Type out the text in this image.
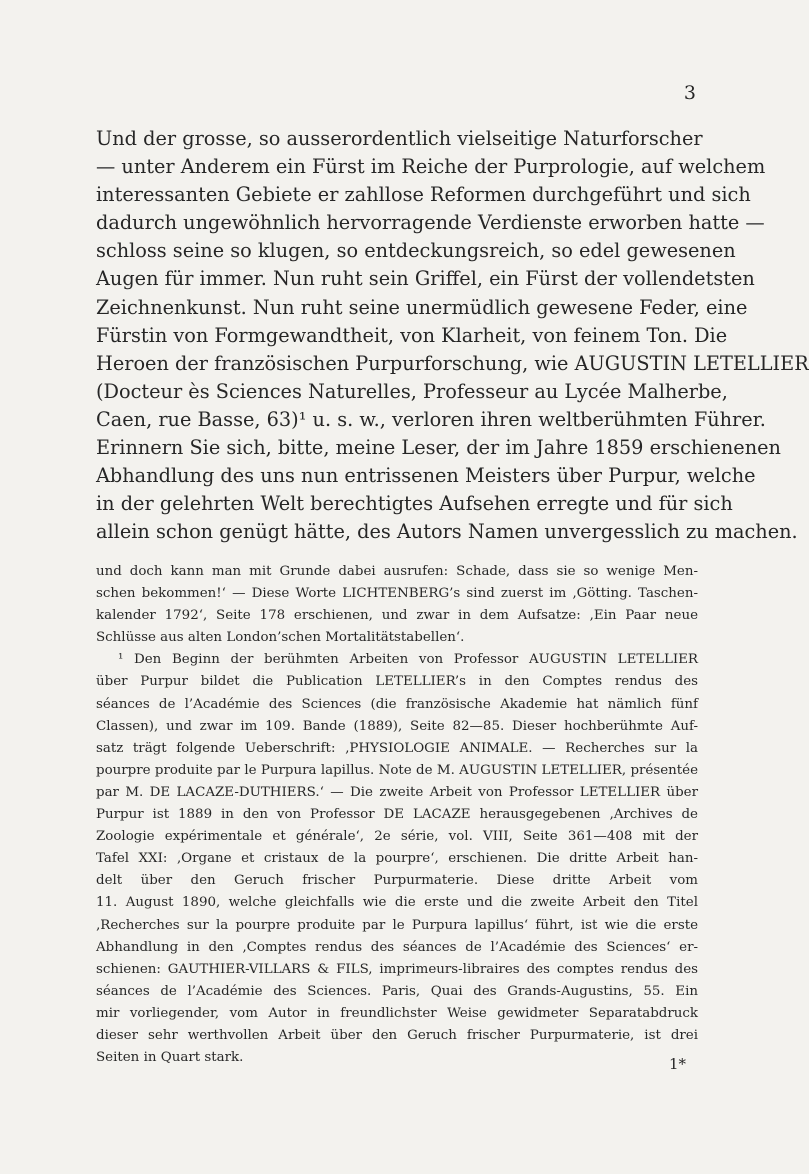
3
Und der grosse, so ausserordentlich vielseitige Naturforscher
— unter Anderem ein Fürst im Reiche der Purprologie, auf welchem
interessanten Gebiete er zahllose Reformen durchgeführt und sich
dadurch ungewöhnlich hervorragende Verdienste erworben hatte —
schloss seine so klugen, so entdeckungsreich, so edel gewesenen
Augen für immer. Nun ruht sein Griffel, ein Fürst der vollendetsten
Zeichnenkunst. Nun ruht seine unermüdlich gewesene Feder, eine
Fürstin von Formgewandtheit, von Klarheit, von feinem Ton. Die
Heroen der französischen Purpurforschung, wie AUGUSTIN LETELLIER
(Docteur ès Sciences Naturelles, Professeur au Lycée Malherbe,
Caen, rue Basse, 63)¹ u. s. w., verloren ihren weltberühmten Führer.
Erinnern Sie sich, bitte, meine Leser, der im Jahre 1859 erschienenen
Abhandlung des uns nun entrissenen Meisters über Purpur, welche
in der gelehrten Welt berechtigtes Aufsehen erregte und für sich
allein schon genügt hätte, des Autors Namen unvergesslich zu machen.
und doch kann man mit Grunde dabei ausrufen: Schade, dass sie so wenige Men-
schen bekommen!‘ — Diese Worte LICHTENBERG’s sind zuerst im ‚Götting. Taschen-
kalender 1792‘, Seite 178 erschienen, und zwar in dem Aufsatze: ‚Ein Paar neue
Schlüsse aus alten London’schen Mortalitätstabellen‘.
¹ Den Beginn der berühmten Arbeiten von Professor AUGUSTIN LETELLIER
über Purpur bildet die Publication LETELLIER’s in den Comptes rendus des
séances de l’Académie des Sciences (die französische Akademie hat nämlich fünf
Classen), und zwar im 109. Bande (1889), Seite 82—85. Dieser hochberühmte Auf-
satz trägt folgende Ueberschrift: ‚PHYSIOLOGIE ANIMALE. — Recherches sur la
pourpre produite par le Purpura lapillus. Note de M. AUGUSTIN LETELLIER, présentée
par M. DE LACAZE-DUTHIERS.‘ — Die zweite Arbeit von Professor LETELLIER über
Purpur ist 1889 in den von Professor DE LACAZE herausgegebenen ‚Archives de
Zoologie expérimentale et générale‘, 2e série, vol. VIII, Seite 361—408 mit der
Tafel XXI: ‚Organe et cristaux de la pourpre‘, erschienen. Die dritte Arbeit han-
delt über den Geruch frischer Purpurmaterie. Diese dritte Arbeit vom
11. August 1890, welche gleichfalls wie die erste und die zweite Arbeit den Titel
‚Recherches sur la pourpre produite par le Purpura lapillus‘ führt, ist wie die erste
Abhandlung in den ‚Comptes rendus des séances de l’Académie des Sciences‘ er-
schienen: GAUTHIER-VILLARS & FILS, imprimeurs-libraires des comptes rendus des
séances de l’Académie des Sciences. Paris, Quai des Grands-Augustins, 55. Ein
mir vorliegender, vom Autor in freundlichster Weise gewidmeter Separatabdruck
dieser sehr werthvollen Arbeit über den Geruch frischer Purpurmaterie, ist drei
Seiten in Quart stark.	1*
